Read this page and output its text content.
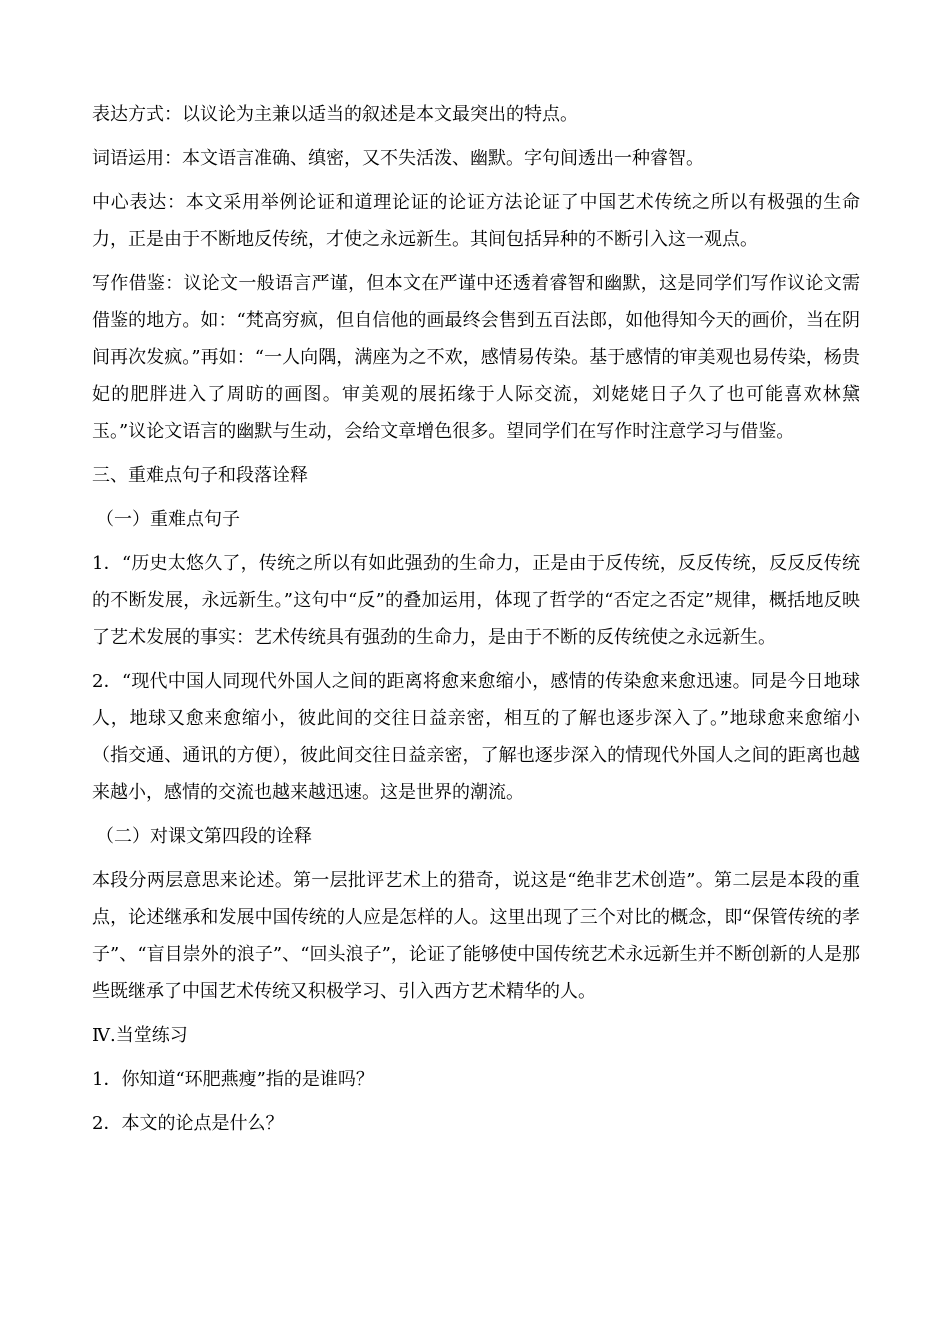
表达方式：以议论为主兼以适当的叙述是本文最突出的特点。

词语运用：本文语言准确、缜密，又不失活泼、幽默。字句间透出一种睿智。

中心表达：本文采用举例论证和道理论证的论证方法论证了中国艺术传统之所以有极强的生命力，正是由于不断地反传统，才使之永远新生。其间包括异种的不断引入这一观点。

写作借鉴：议论文一般语言严谨，但本文在严谨中还透着睿智和幽默，这是同学们写作议论文需借鉴的地方。如：“梵高穷疯，但自信他的画最终会售到五百法郎，如他得知今天的画价，当在阴间再次发疯。”再如：“一人向隅，满座为之不欢，感情易传染。基于感情的审美观也易传染，杨贵妃的肥胖进入了周昉的画图。审美观的展拓缘于人际交流，刘姥姥日子久了也可能喜欢林黛玉。”议论文语言的幽默与生动，会给文章增色很多。望同学们在写作时注意学习与借鉴。

三、重难点句子和段落诠释

（一）重难点句子

1．“历史太悠久了，传统之所以有如此强劲的生命力，正是由于反传统，反反传统，反反反传统的不断发展，永远新生。”这句中“反”的叠加运用，体现了哲学的“否定之否定”规律，概括地反映了艺术发展的事实：艺术传统具有强劲的生命力，是由于不断的反传统使之永远新生。

2．“现代中国人同现代外国人之间的距离将愈来愈缩小，感情的传染愈来愈迅速。同是今日地球人，地球又愈来愈缩小，彼此间的交往日益亲密，相互的了解也逐步深入了。”地球愈来愈缩小（指交通、通讯的方便），彼此间交往日益亲密，了解也逐步深入的情现代外国人之间的距离也越来越小，感情的交流也越来越迅速。这是世界的潮流。

（二）对课文第四段的诠释

本段分两层意思来论述。第一层批评艺术上的猎奇，说这是“绝非艺术创造”。第二层是本段的重点，论述继承和发展中国传统的人应是怎样的人。这里出现了三个对比的概念，即“保管传统的孝子”、“盲目崇外的浪子”、“回头浪子”，论证了能够使中国传统艺术永远新生并不断创新的人是那些既继承了中国艺术传统又积极学习、引入西方艺术精华的人。

Ⅳ.当堂练习

1．你知道“环肥燕瘦”指的是谁吗？

2．本文的论点是什么？
